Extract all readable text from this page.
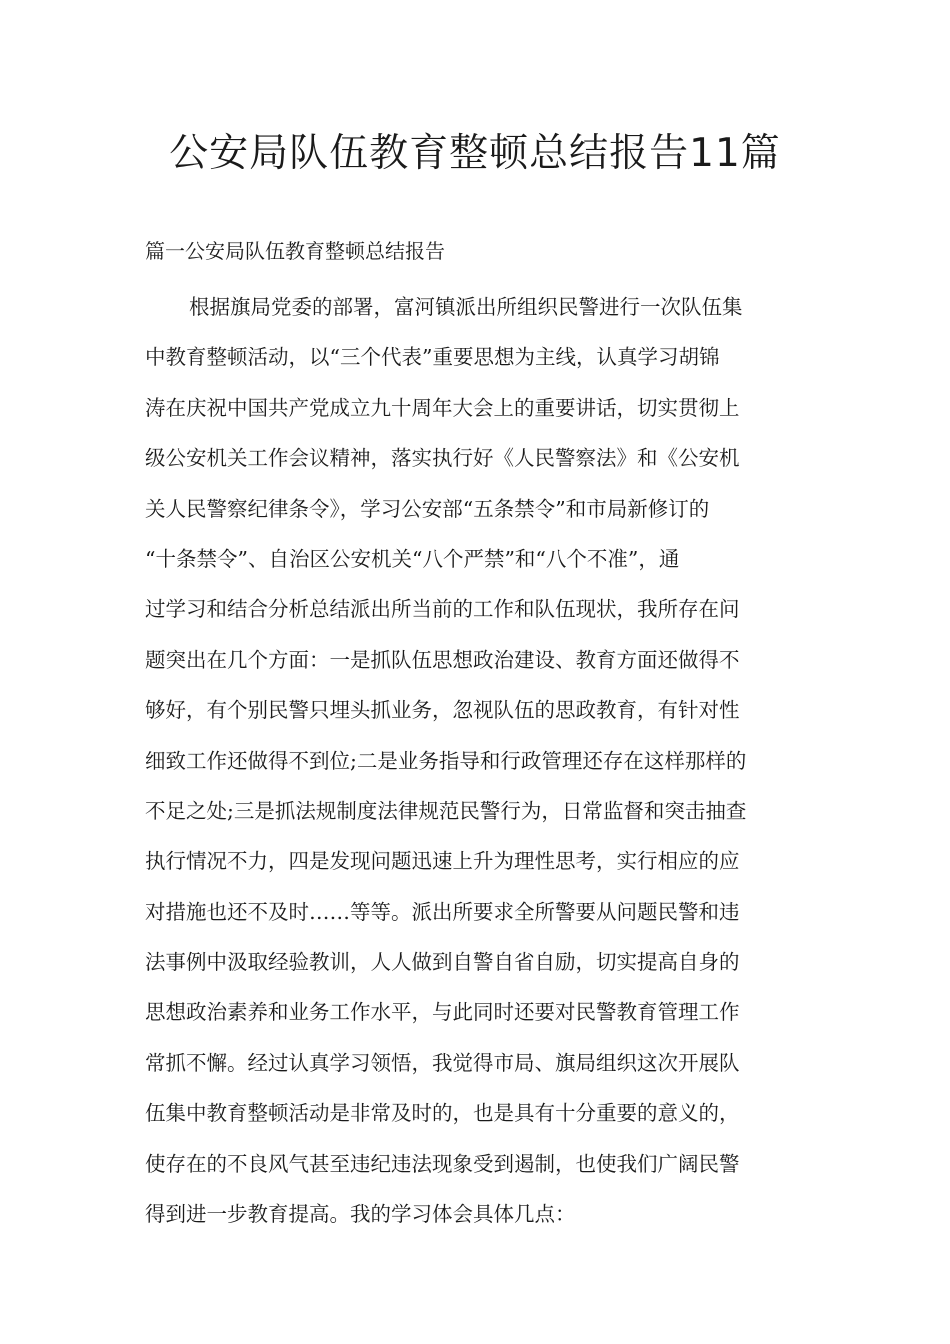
公安局队伍教育整顿总结报告11篇

篇一公安局队伍教育整顿总结报告

根据旗局党委的部署，富河镇派出所组织民警进行一次队伍集
中教育整顿活动，以“三个代表”重要思想为主线，认真学习胡锦
涛在庆祝中国共产党成立九十周年大会上的重要讲话，切实贯彻上
级公安机关工作会议精神，落实执行好《人民警察法》和《公安机
关人民警察纪律条令》，学习公安部“五条禁令”和市局新修订的
“十条禁令”、自治区公安机关“八个严禁”和“八个不准”，通
过学习和结合分析总结派出所当前的工作和队伍现状，我所存在问
题突出在几个方面：一是抓队伍思想政治建设、教育方面还做得不
够好，有个别民警只埋头抓业务，忽视队伍的思政教育，有针对性
细致工作还做得不到位;二是业务指导和行政管理还存在这样那样的
不足之处;三是抓法规制度法律规范民警行为，日常监督和突击抽查
执行情况不力，四是发现问题迅速上升为理性思考，实行相应的应
对措施也还不及时……等等。派出所要求全所警要从问题民警和违
法事例中汲取经验教训，人人做到自警自省自励，切实提高自身的
思想政治素养和业务工作水平，与此同时还要对民警教育管理工作
常抓不懈。经过认真学习领悟，我觉得市局、旗局组织这次开展队
伍集中教育整顿活动是非常及时的，也是具有十分重要的意义的，
使存在的不良风气甚至违纪违法现象受到遏制，也使我们广阔民警
得到进一步教育提高。我的学习体会具体几点：
